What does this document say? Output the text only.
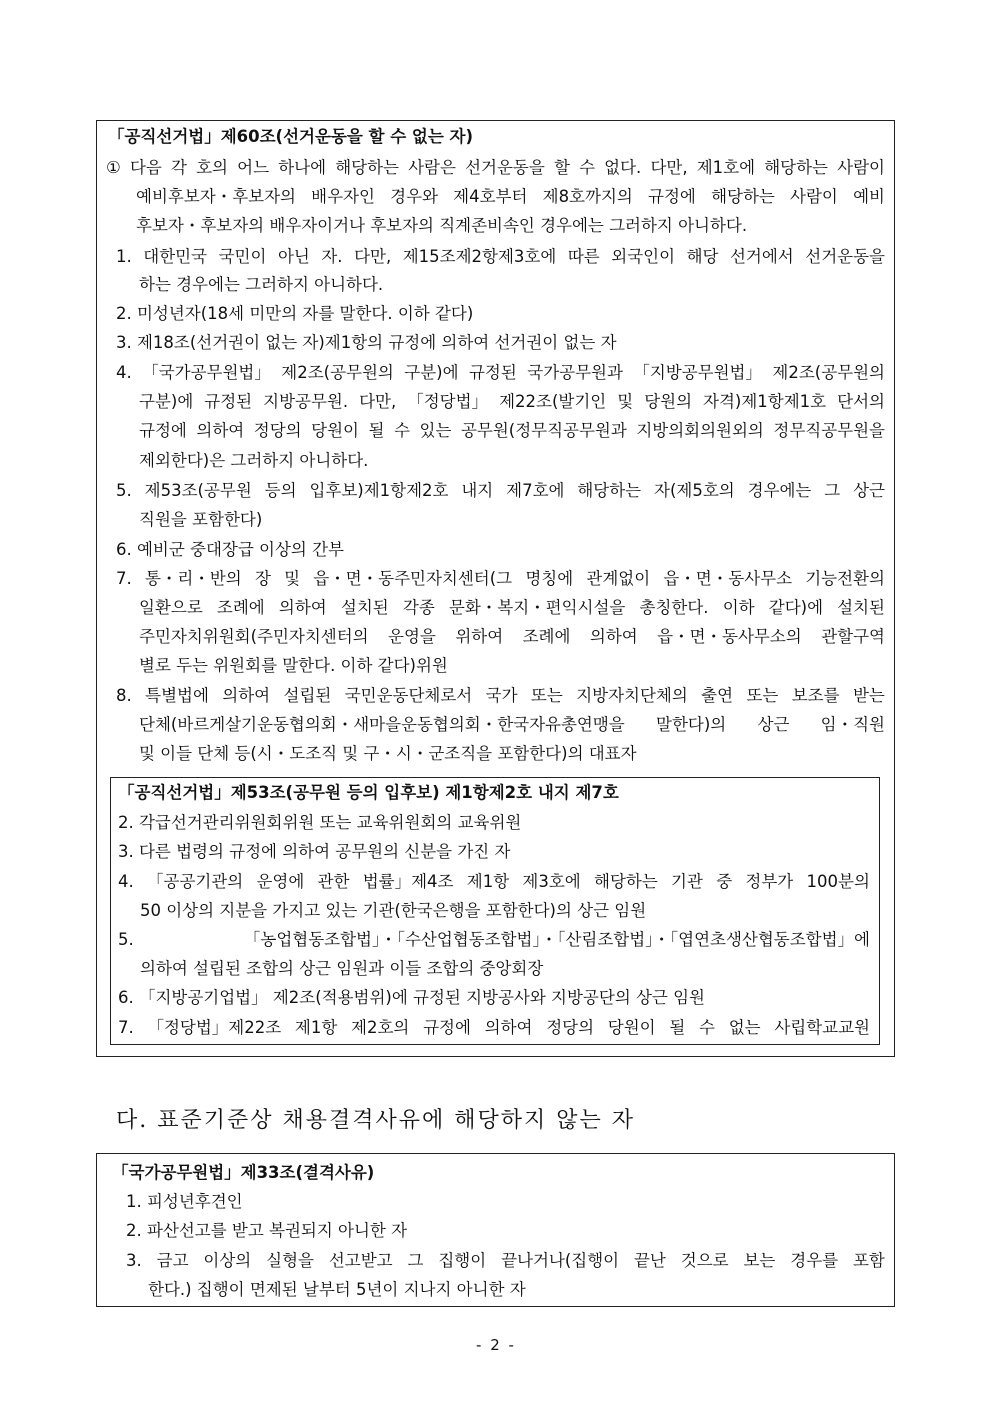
「공직선거법」제60조(선거운동을 할 수 없는 자)
① 다음 각 호의 어느 하나에 해당하는 사람은 선거운동을 할 수 없다. 다만, 제1호에 해당하는 사람이
예비후보자・후보자의 배우자인 경우와 제4호부터 제8호까지의 규정에 해당하는 사람이 예비
후보자・후보자의 배우자이거나 후보자의 직계존비속인 경우에는 그러하지 아니하다.
1. 대한민국 국민이 아닌 자. 다만, 제15조제2항제3호에 따른 외국인이 해당 선거에서 선거운동을
하는 경우에는 그러하지 아니하다.
2. 미성년자(18세 미만의 자를 말한다. 이하 같다)
3. 제18조(선거권이 없는 자)제1항의 규정에 의하여 선거권이 없는 자
4. 「국가공무원법」 제2조(공무원의 구분)에 규정된 국가공무원과 「지방공무원법」 제2조(공무원의
구분)에 규정된 지방공무원. 다만, 「정당법」 제22조(발기인 및 당원의 자격)제1항제1호 단서의
규정에 의하여 정당의 당원이 될 수 있는 공무원(정무직공무원과 지방의회의원외의 정무직공무원을
제외한다)은 그러하지 아니하다.
5. 제53조(공무원 등의 입후보)제1항제2호 내지 제7호에 해당하는 자(제5호의 경우에는 그 상근
직원을 포함한다)
6. 예비군 중대장급 이상의 간부
7. 통・리・반의 장 및 읍・면・동주민자치센터(그 명칭에 관계없이 읍・면・동사무소 기능전환의
일환으로 조례에 의하여 설치된 각종 문화・복지・편익시설을 총칭한다. 이하 같다)에 설치된
주민자치위원회(주민자치센터의 운영을 위하여 조례에 의하여 읍・면・동사무소의 관할구역
별로 두는 위원회를 말한다. 이하 같다)위원
8. 특별법에 의하여 설립된 국민운동단체로서 국가 또는 지방자치단체의 출연 또는 보조를 받는
단체(바르게살기운동협의회・새마을운동협의회・한국자유총연맹을 말한다)의 상근 임・직원
및 이들 단체 등(시・도조직 및 구・시・군조직을 포함한다)의 대표자
「공직선거법」제53조(공무원 등의 입후보) 제1항제2호 내지 제7호
2. 각급선거관리위원회위원 또는 교육위원회의 교육위원
3. 다른 법령의 규정에 의하여 공무원의 신분을 가진 자
4. 「공공기관의 운영에 관한 법률」제4조 제1항 제3호에 해당하는 기관 중 정부가 100분의
50 이상의 지분을 가지고 있는 기관(한국은행을 포함한다)의 상근 임원
5.	「농업협동조합법」・「수산업협동조합법」・「산림조합법」・「엽연초생산협동조합법」에
의하여 설립된 조합의 상근 임원과 이들 조합의 중앙회장
6. 「지방공기업법」 제2조(적용범위)에 규정된 지방공사와 지방공단의 상근 임원
7. 「정당법」제22조 제1항 제2호의 규정에 의하여 정당의 당원이 될 수 없는 사립학교교원
다. 표준기준상 채용결격사유에 해당하지 않는 자
「국가공무원법」제33조(결격사유)
1. 피성년후견인
2. 파산선고를 받고 복권되지 아니한 자
3. 금고 이상의 실형을 선고받고 그 집행이 끝나거나(집행이 끝난 것으로 보는 경우를 포함
한다.) 집행이 면제된 날부터 5년이 지나지 아니한 자
- 2 -
